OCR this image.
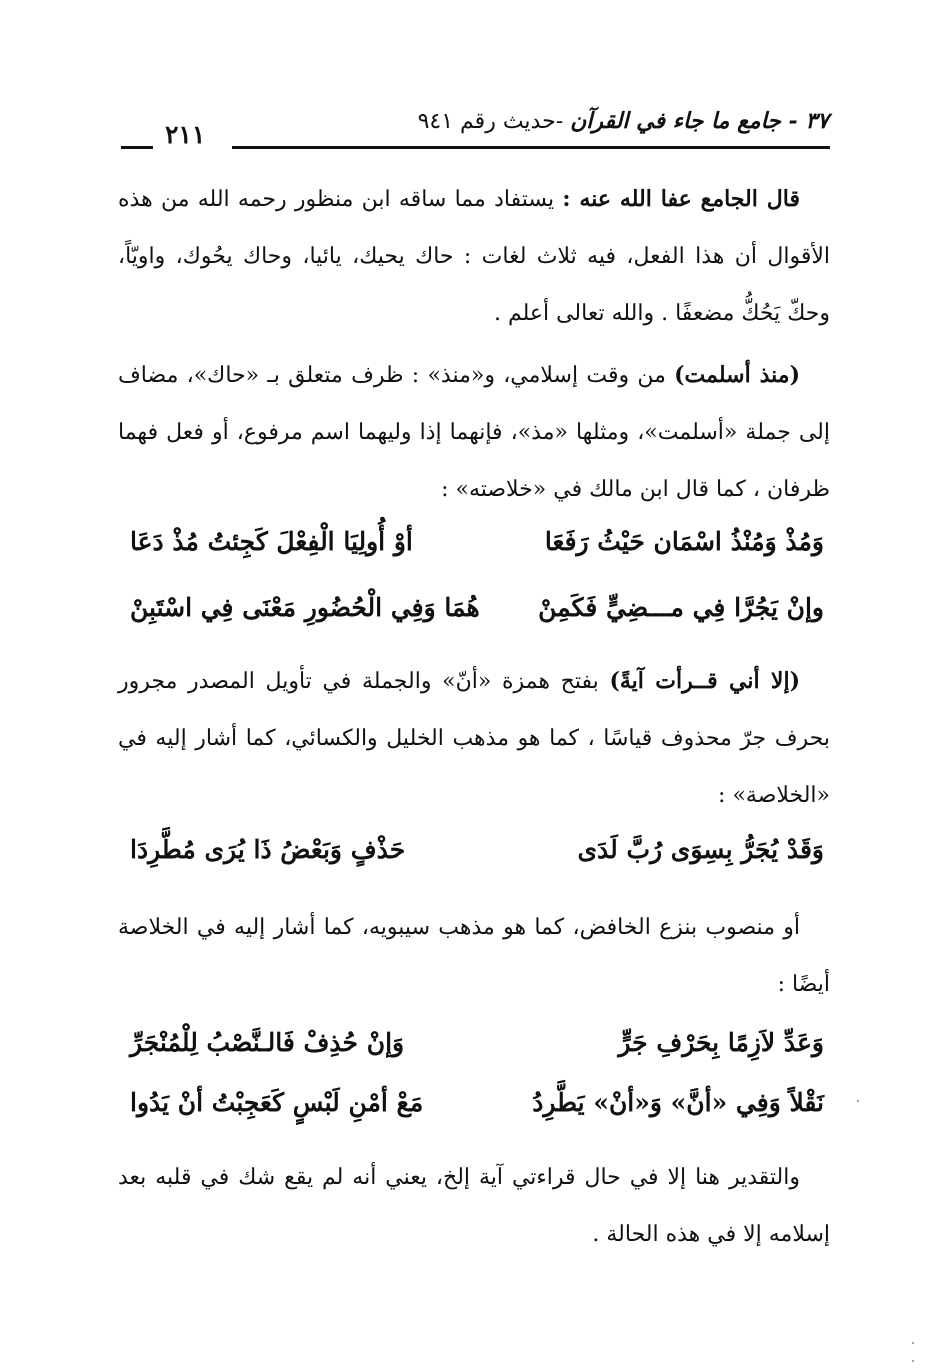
٣٧ - جامع ما جاء في القرآن -حديث رقم ٩٤١
٢١١

قال الجامع عفا الله عنه : يستفاد مما ساقه ابن منظور رحمه الله من هذه الأقوال أن هذا الفعل، فيه ثلاث لغات : حاك يحيك، يائيا، وحاك يحُوك، واويّاً، وحكّ يَحُكُّ مضعفًا . والله تعالى أعلم .

(منذ أسلمت) من وقت إسلامي، و«منذ» : ظرف متعلق بـ «حاك»، مضاف إلى جملة «أسلمت»، ومثلها «مذ»، فإنهما إذا وليهما اسم مرفوع، أو فعل فهما ظرفان ، كما قال ابن مالك في «خلاصته» :

وَمُذْ وَمُنْذُ اسْمَان حَيْثُ رَفَعَا
أوْ أُولِيَا الْفِعْلَ كَجِئتُ مُذْ دَعَا
وإنْ يَجُرَّا فِي مـــضِيٍّ فَكَمِنْ
هُمَا وَفِي الْحُضُورِ مَعْنَى فِي اسْتَبِنْ

(إلا أني قــرأت آيةً) بفتح همزة «أنّ» والجملة في تأويل المصدر مجرور بحرف جرّ محذوف قياسًا ، كما هو مذهب الخليل والكسائي، كما أشار إليه في «الخلاصة» :

وَقَدْ يُجَرُّ بِسِوَى رُبَّ لَدَى
حَذْفٍ وَبَعْضُ ذَا يُرَى مُطَّرِدَا

أو منصوب بنزع الخافض، كما هو مذهب سيبويه، كما أشار إليه في الخلاصة أيضًا :

وَعَدِّ لاَزِمًا بِحَرْفِ جَرٍّ
وَإنْ حُذِفْ فَالـنَّصْبُ لِلْمُنْجَرِّ
نَقْلاً وَفِي «أنَّ» وَ«أنْ» يَطَّرِدُ
مَعْ أمْنِ لَبْسٍ كَعَجِبْتُ أنْ يَدُوا

والتقدير هنا إلا في حال قراءتي آية إلخ، يعني أنه لم يقع شك في قلبه بعد إسلامه إلا في هذه الحالة .
